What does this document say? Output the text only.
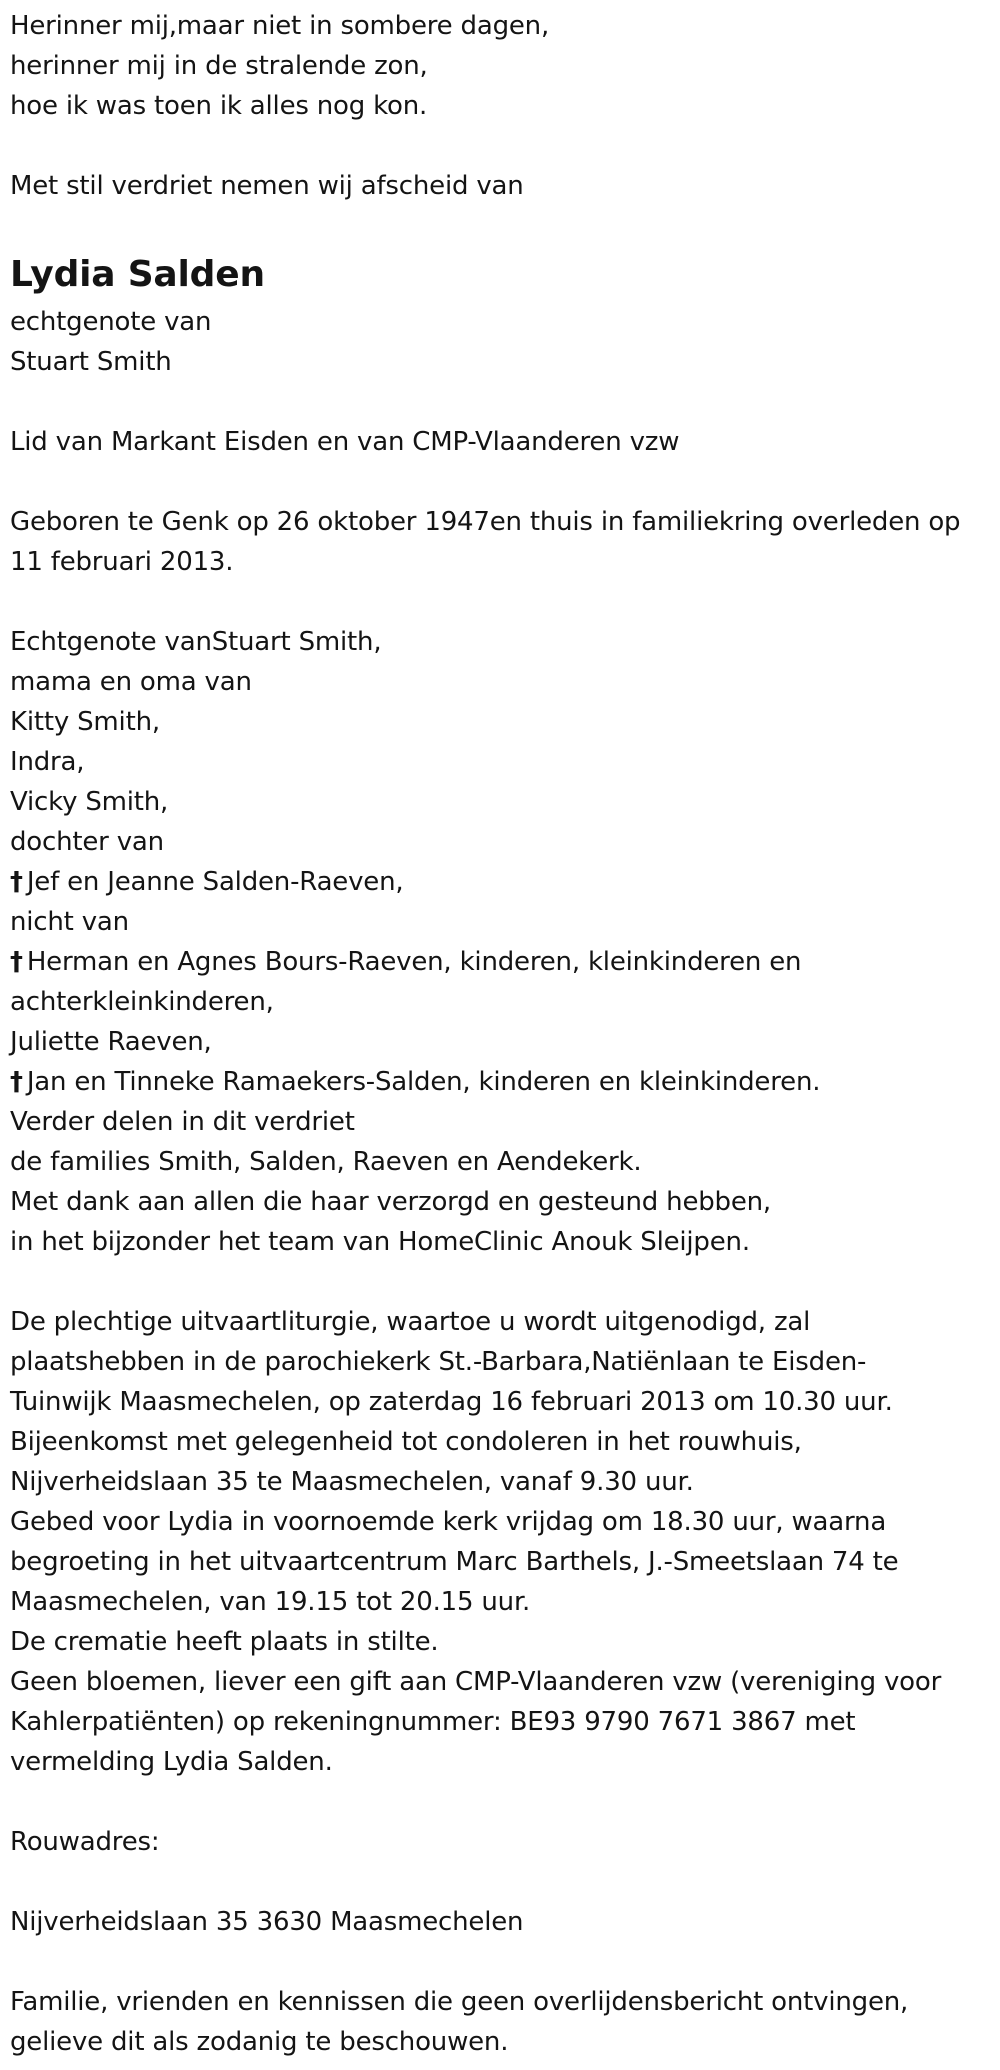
Herinner mij,maar niet in sombere dagen,
herinner mij in de stralende zon,
hoe ik was toen ik alles nog kon.
Met stil verdriet nemen wij afscheid van
Lydia Salden
echtgenote van
Stuart Smith
Lid van Markant Eisden en van CMP-Vlaanderen vzw
Geboren te Genk op 26 oktober 1947en thuis in familiekring overleden op
11 februari 2013.
Echtgenote vanStuart Smith,
mama en oma van
Kitty Smith,
Indra,
Vicky Smith,
dochter van
† Jef en Jeanne Salden-Raeven,
nicht van
† Herman en Agnes Bours-Raeven, kinderen, kleinkinderen en
achterkleinkinderen,
Juliette Raeven,
† Jan en Tinneke Ramaekers-Salden, kinderen en kleinkinderen.
Verder delen in dit verdriet
de families Smith, Salden, Raeven en Aendekerk.
Met dank aan allen die haar verzorgd en gesteund hebben,
in het bijzonder het team van HomeClinic Anouk Sleijpen.
De plechtige uitvaartliturgie, waartoe u wordt uitgenodigd, zal
plaatshebben in de parochiekerk St.-Barbara,Natiënlaan te Eisden-
Tuinwijk Maasmechelen, op zaterdag 16 februari 2013 om 10.30 uur.
Bijeenkomst met gelegenheid tot condoleren in het rouwhuis,
Nijverheidslaan 35 te Maasmechelen, vanaf 9.30 uur.
Gebed voor Lydia in voornoemde kerk vrijdag om 18.30 uur, waarna
begroeting in het uitvaartcentrum Marc Barthels, J.-Smeetslaan 74 te
Maasmechelen, van 19.15 tot 20.15 uur.
De crematie heeft plaats in stilte.
Geen bloemen, liever een gift aan CMP-Vlaanderen vzw (vereniging voor
Kahlerpatiënten) op rekeningnummer: BE93 9790 7671 3867 met
vermelding Lydia Salden.
Rouwadres:
Nijverheidslaan 35 3630 Maasmechelen
Familie, vrienden en kennissen die geen overlijdensbericht ontvingen,
gelieve dit als zodanig te beschouwen.
